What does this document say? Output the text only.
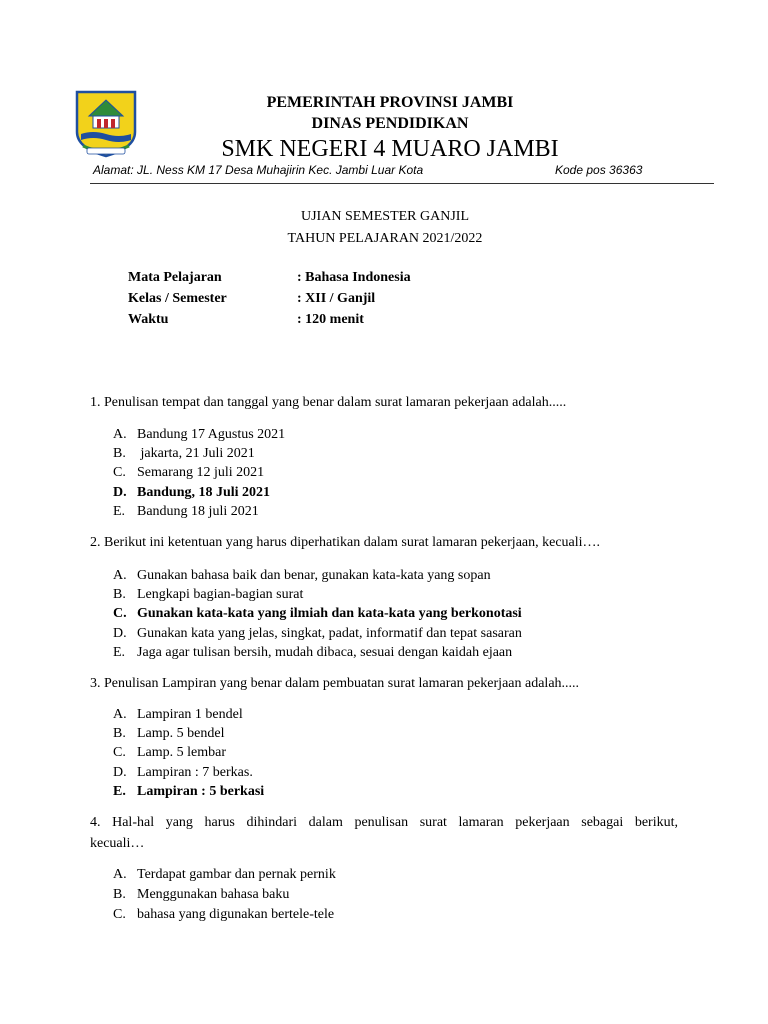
PEMERINTAH PROVINSI JAMBI
DINAS PENDIDIKAN
SMK NEGERI 4 MUARO JAMBI
Alamat: JL. Ness KM 17 Desa Muhajirin Kec. Jambi Luar Kota	Kode pos 36363
UJIAN SEMESTER GANJIL
TAHUN PELAJARAN 2021/2022
Mata Pelajaran	: Bahasa Indonesia
Kelas / Semester	: XII / Ganjil
Waktu	: 120 menit
1. Penulisan tempat dan tanggal yang benar dalam surat lamaran pekerjaan adalah.....
A. Bandung 17 Agustus 2021
B. jakarta, 21 Juli 2021
C. Semarang 12 juli 2021
D. Bandung, 18 Juli 2021
E. Bandung 18 juli 2021
2. Berikut ini ketentuan yang harus diperhatikan dalam surat lamaran pekerjaan, kecuali….
A. Gunakan bahasa baik dan benar, gunakan kata-kata yang sopan
B. Lengkapi bagian-bagian surat
C. Gunakan kata-kata yang ilmiah dan kata-kata yang berkonotasi
D. Gunakan kata yang jelas, singkat, padat, informatif dan tepat sasaran
E. Jaga agar tulisan bersih, mudah dibaca, sesuai dengan kaidah ejaan
3. Penulisan Lampiran yang benar dalam pembuatan surat lamaran pekerjaan adalah.....
A. Lampiran 1 bendel
B. Lamp. 5 bendel
C. Lamp. 5 lembar
D. Lampiran : 7 berkas.
E. Lampiran : 5 berkasi
4.  Hal-hal  yang  harus  dihindari  dalam  penulisan  surat  lamaran  pekerjaan  sebagai  berikut,
kecuali…
A. Terdapat gambar dan pernak pernik
B. Menggunakan bahasa baku
C. bahasa yang digunakan bertele-tele
